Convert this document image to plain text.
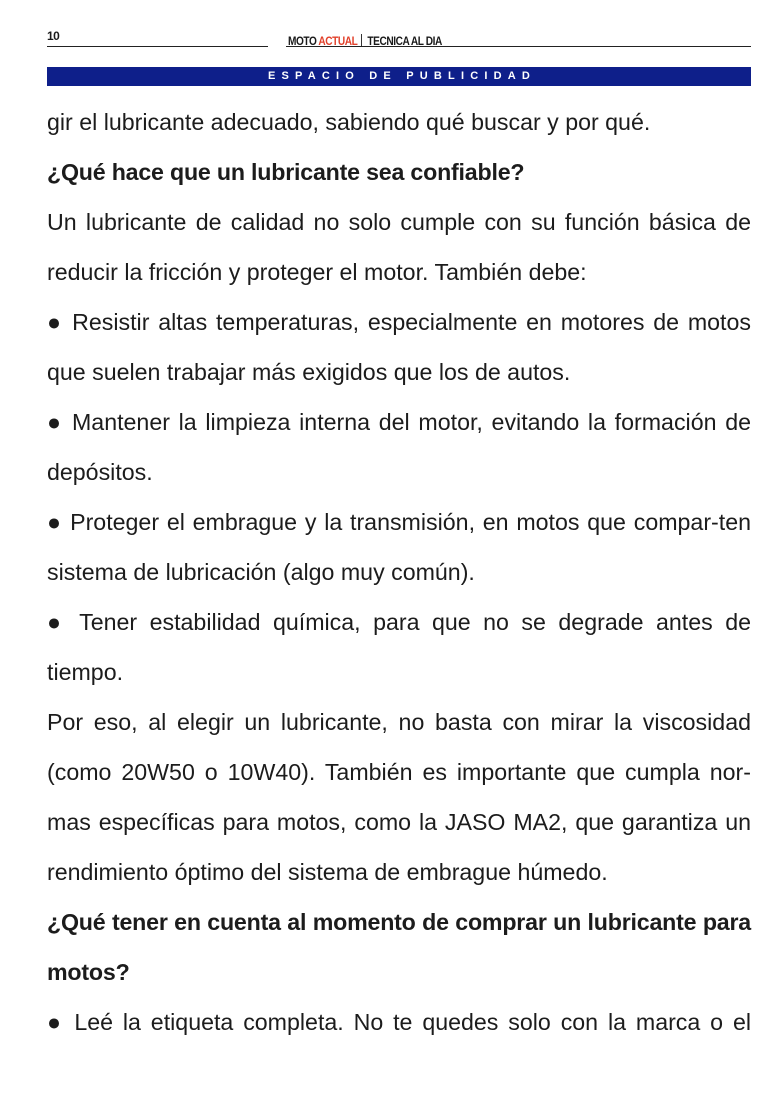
10	MOTO ACTUAL TECNICA AL DIA
ESPACIO DE PUBLICIDAD

gir el lubricante adecuado, sabiendo qué buscar y por qué.

¿Qué hace que un lubricante sea confiable?

Un lubricante de calidad no solo cumple con su función básica de reducir la fricción y proteger el motor. También debe:

● Resistir altas temperaturas, especialmente en motores de motos que suelen trabajar más exigidos que los de autos.

● Mantener la limpieza interna del motor, evitando la formación de depósitos.

● Proteger el embrague y la transmisión, en motos que compar-ten sistema de lubricación (algo muy común).

● Tener estabilidad química, para que no se degrade antes de tiempo.

Por eso, al elegir un lubricante, no basta con mirar la viscosidad (como 20W50 o 10W40). También es importante que cumpla nor-mas específicas para motos, como la JASO MA2, que garantiza un rendimiento óptimo del sistema de embrague húmedo.

¿Qué tener en cuenta al momento de comprar un lubricante para motos?

● Leé la etiqueta completa. No te quedes solo con la marca o el
